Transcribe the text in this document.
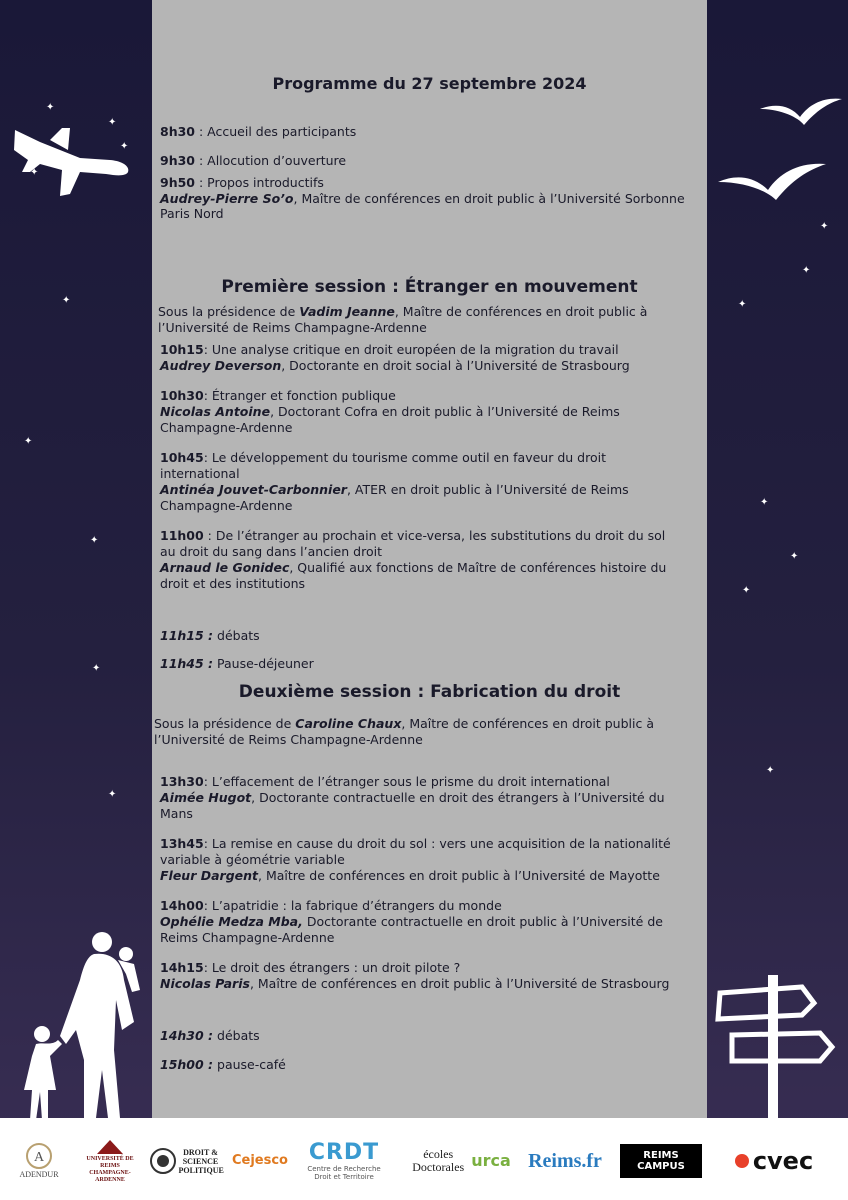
✦
✦
✦
✦
✦
✦
✦
✦
✦
✦
✦
✦
✦
✦
✦
✦
Programme du 27 septembre 2024
8h30 : Accueil des participants
9h30 : Allocution d’ouverture
9h50 : Propos introductifs
Audrey-Pierre So’o, Maître de conférences en droit public à l’Université Sorbonne
Paris Nord
Première session : Étranger en mouvement
Sous la présidence de Vadim Jeanne, Maître de conférences en droit public à
l’Université de Reims Champagne-Ardenne
10h15: Une analyse critique en droit européen de la migration du travail
Audrey Deverson, Doctorante en droit social à l’Université de Strasbourg
10h30: Étranger et fonction publique
Nicolas Antoine, Doctorant Cofra en droit public à l’Université de Reims
Champagne-Ardenne
10h45: Le développement du tourisme comme outil en faveur du droit
international
Antinéa Jouvet-Carbonnier, ATER en droit public à l’Université de Reims
Champagne-Ardenne
11h00 : De l’étranger au prochain et vice-versa, les substitutions du droit du sol
au droit du sang dans l’ancien droit
Arnaud le Gonidec, Qualifié aux fonctions de Maître de conférences histoire du
droit et des institutions
11h15 : débats
11h45 : Pause-déjeuner
Deuxième session : Fabrication du droit
Sous la présidence de Caroline Chaux, Maître de conférences en droit public à
l’Université de Reims Champagne-Ardenne
13h30: L’effacement de l’étranger sous le prisme du droit international
Aimée Hugot, Doctorante contractuelle en droit des étrangers à l’Université du
Mans
13h45: La remise en cause du droit du sol : vers une acquisition de la nationalité
variable à géométrie variable
Fleur Dargent, Maître de conférences en droit public à l’Université de Mayotte
14h00: L’apatridie : la fabrique d’étrangers du monde
Ophélie Medza Mba, Doctorante contractuelle en droit public à l’Université de
Reims Champagne-Ardenne
14h15: Le droit des étrangers : un droit pilote ?
Nicolas Paris, Maître de conférences en droit public à l’Université de Strasbourg
14h30 : débats
15h00 : pause-café
A
ADENDUR
UNIVERSITÉ DE REIMS CHAMPAGNE-ARDENNE
DROIT & SCIENCE POLITIQUE
Cejesco CRDT
Centre de Recherche Droit et Territoire
écoles Doctorales urca Reims.fr	REIMS CAMPUS	cvec
